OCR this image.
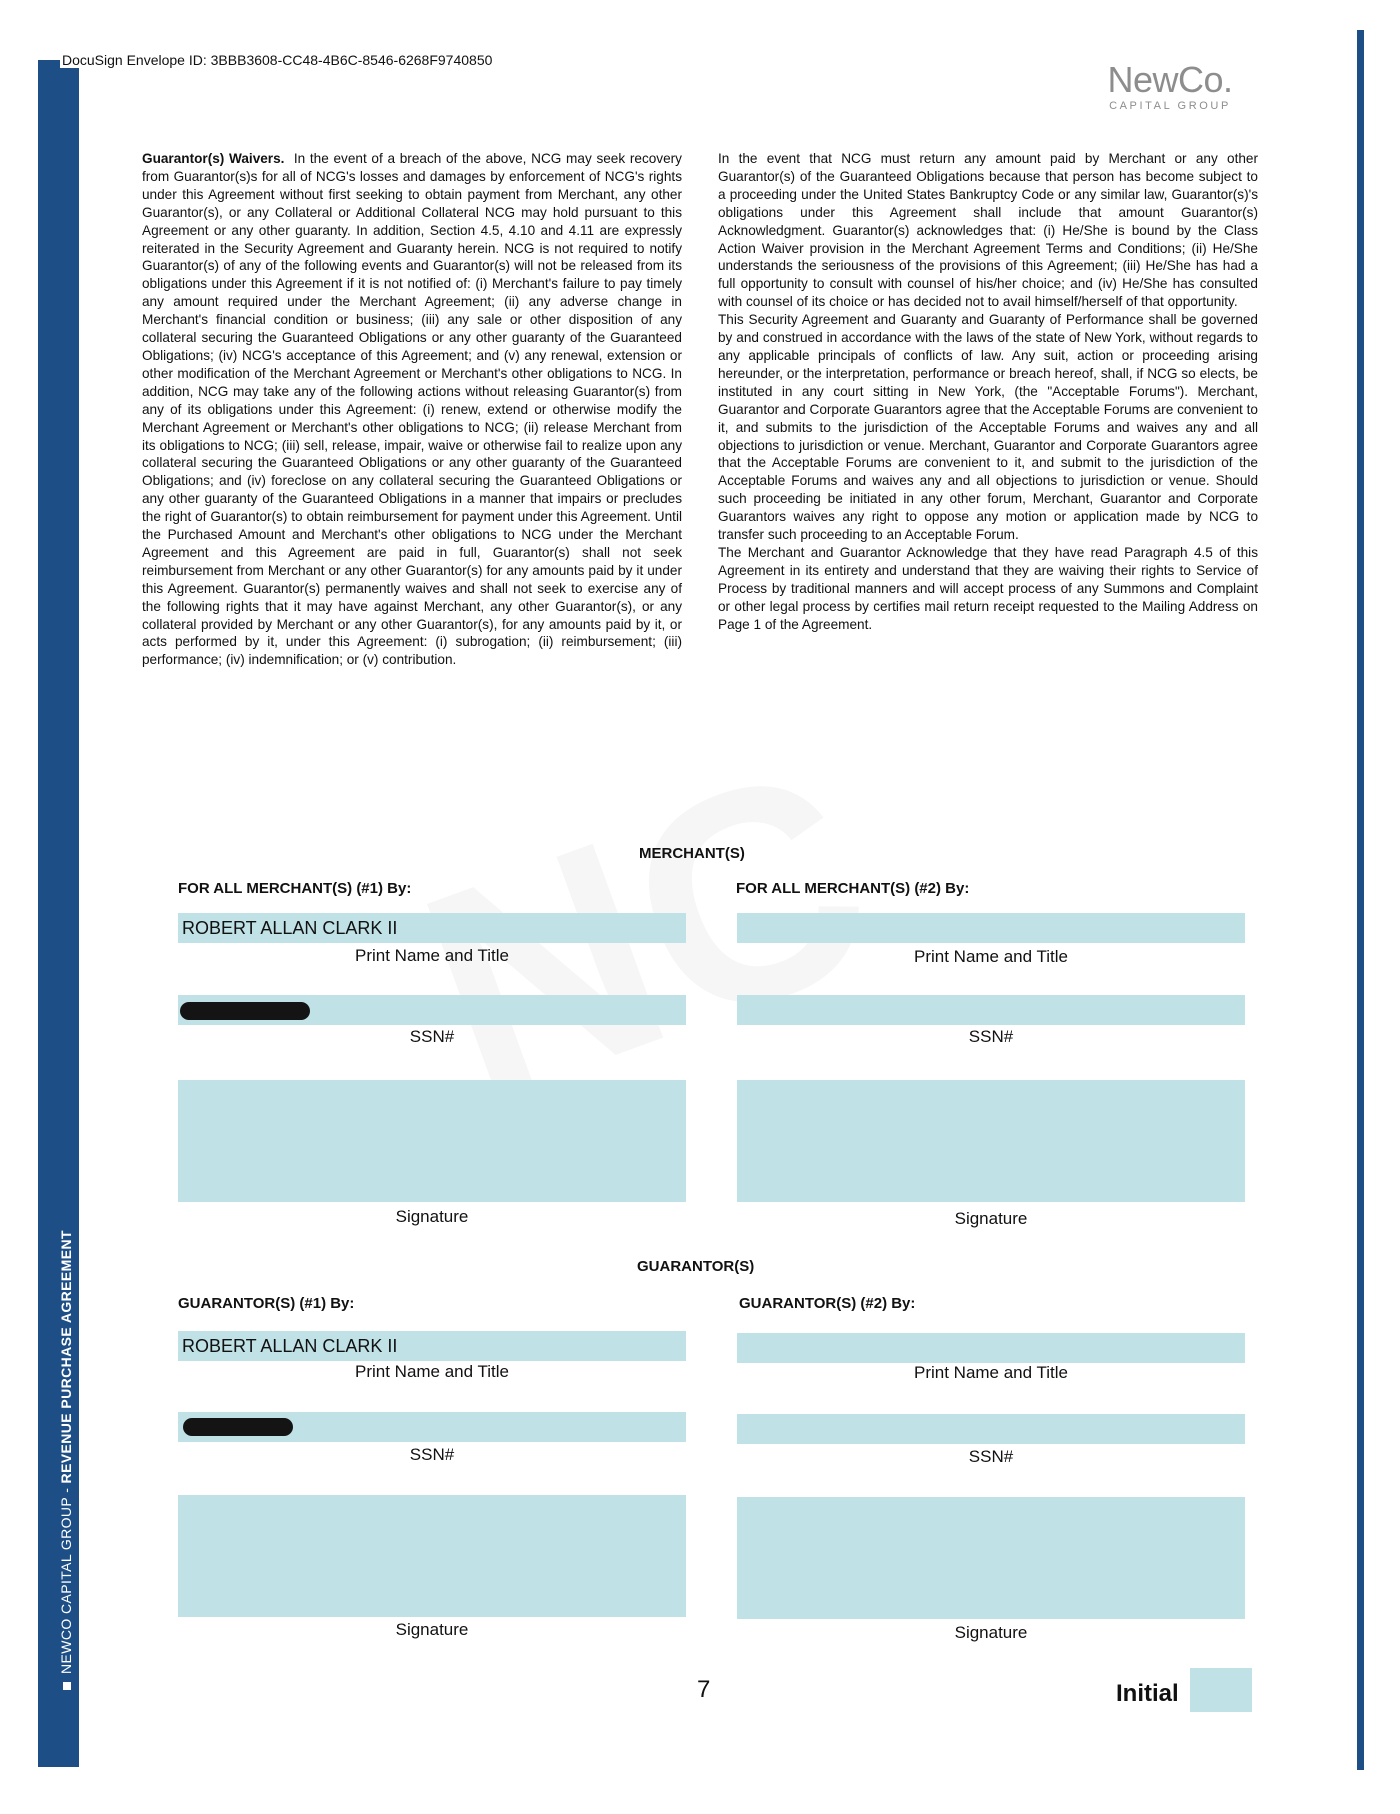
NEWCO CAPITAL GROUP - REVENUE PURCHASE AGREEMENT
DocuSign Envelope ID: 3BBB3608-CC48-4B6C-8546-6268F9740850	NewCo.
CAPITAL GROUP

Guarantor(s) Waivers. In the event of a breach of the above, NCG may seek recovery from Guarantor(s)s for all of NCG's losses and damages by enforcement of NCG's rights under this Agreement without first seeking to obtain payment from Merchant, any other Guarantor(s), or any Collateral or Additional Collateral NCG may hold pursuant to this Agreement or any other guaranty. In addition, Section 4.5, 4.10 and 4.11 are expressly reiterated in the Security Agreement and Guaranty herein. NCG is not required to notify Guarantor(s) of any of the following events and Guarantor(s) will not be released from its obligations under this Agreement if it is not notified of: (i) Merchant's failure to pay timely any amount required under the Merchant Agreement; (ii) any adverse change in Merchant's financial condition or business; (iii) any sale or other disposition of any collateral securing the Guaranteed Obligations or any other guaranty of the Guaranteed Obligations; (iv) NCG's acceptance of this Agreement; and (v) any renewal, extension or other modification of the Merchant Agreement or Merchant's other obligations to NCG. In addition, NCG may take any of the following actions without releasing Guarantor(s) from any of its obligations under this Agreement: (i) renew, extend or otherwise modify the Merchant Agreement or Merchant's other obligations to NCG; (ii) release Merchant from its obligations to NCG; (iii) sell, release, impair, waive or otherwise fail to realize upon any collateral securing the Guaranteed Obligations or any other guaranty of the Guaranteed Obligations; and (iv) foreclose on any collateral securing the Guaranteed Obligations or any other guaranty of the Guaranteed Obligations in a manner that impairs or precludes the right of Guarantor(s) to obtain reimbursement for payment under this Agreement. Until the Purchased Amount and Merchant's other obligations to NCG under the Merchant Agreement and this Agreement are paid in full, Guarantor(s) shall not seek reimbursement from Merchant or any other Guarantor(s) for any amounts paid by it under this Agreement. Guarantor(s) permanently waives and shall not seek to exercise any of the following rights that it may have against Merchant, any other Guarantor(s), or any collateral provided by Merchant or any other Guarantor(s), for any amounts paid by it, or acts performed by it, under this Agreement: (i) subrogation; (ii) reimbursement; (iii) performance; (iv) indemnification; or (v) contribution.

In the event that NCG must return any amount paid by Merchant or any other Guarantor(s) of the Guaranteed Obligations because that person has become subject to a proceeding under the United States Bankruptcy Code or any similar law, Guarantor(s)'s obligations under this Agreement shall include that amount Guarantor(s) Acknowledgment. Guarantor(s) acknowledges that: (i) He/She is bound by the Class Action Waiver provision in the Merchant Agreement Terms and Conditions; (ii) He/She understands the seriousness of the provisions of this Agreement; (iii) He/She has had a full opportunity to consult with counsel of his/her choice; and (iv) He/She has consulted with counsel of its choice or has decided not to avail himself/herself of that opportunity.

This Security Agreement and Guaranty and Guaranty of Performance shall be governed by and construed in accordance with the laws of the state of New York, without regards to any applicable principals of conflicts of law. Any suit, action or proceeding arising hereunder, or the interpretation, performance or breach hereof, shall, if NCG so elects, be instituted in any court sitting in New York, (the "Acceptable Forums"). Merchant, Guarantor and Corporate Guarantors agree that the Acceptable Forums are convenient to it, and submits to the jurisdiction of the Acceptable Forums and waives any and all objections to jurisdiction or venue. Merchant, Guarantor and Corporate Guarantors agree that the Acceptable Forums are convenient to it, and submit to the jurisdiction of the Acceptable Forums and waives any and all objections to jurisdiction or venue. Should such proceeding be initiated in any other forum, Merchant, Guarantor and Corporate Guarantors waives any right to oppose any motion or application made by NCG to transfer such proceeding to an Acceptable Forum.

The Merchant and Guarantor Acknowledge that they have read Paragraph 4.5 of this Agreement in its entirety and understand that they are waiving their rights to Service of Process by traditional manners and will accept process of any Summons and Complaint or other legal process by certifies mail return receipt requested to the Mailing Address on Page 1 of the Agreement.

MERCHANT(S)
FOR ALL MERCHANT(S) (#1) By:	FOR ALL MERCHANT(S) (#2) By:
ROBERT ALLAN CLARK II
Print Name and Title	Print Name and Title
SSN#	SSN#
Signature	Signature
GUARANTOR(S)
GUARANTOR(S) (#1) By:	GUARANTOR(S) (#2) By:
ROBERT ALLAN CLARK II
Print Name and Title	Print Name and Title
SSN#	SSN#
Signature	Signature
7	Initial
